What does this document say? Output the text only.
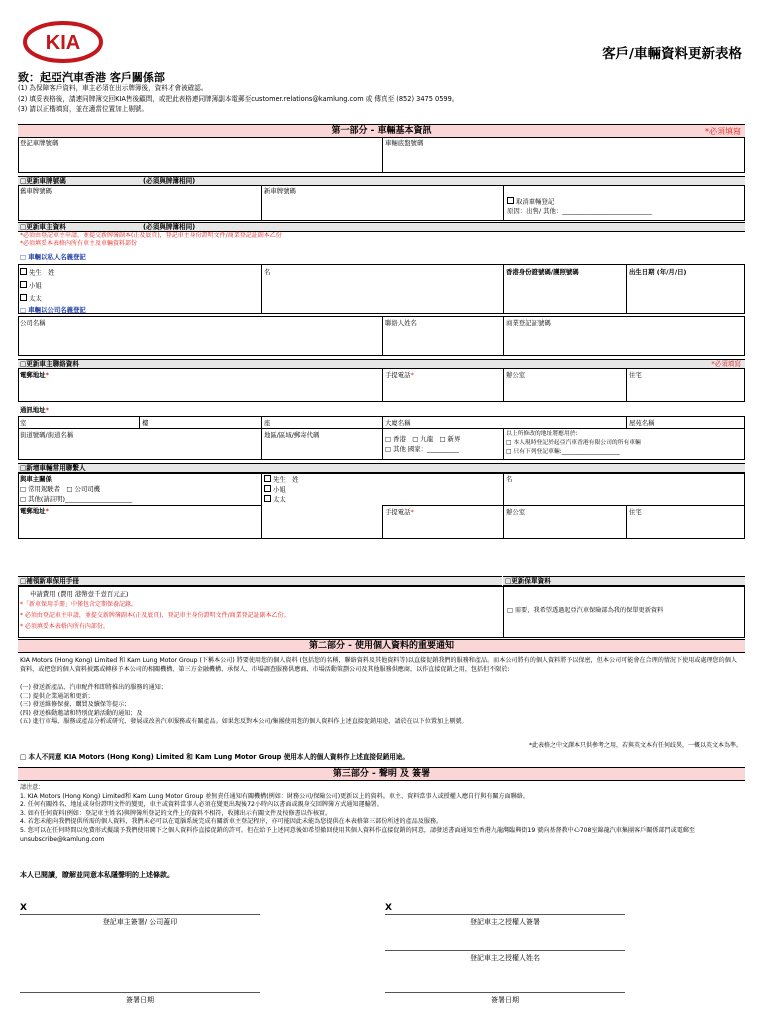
KIA	客戶/車輛資料更新表格
致：起亞汽車香港 客戶關係部
(1) 為保障客戶資料，車主必須在出示牌簿後，資料才會被確認。
(2) 填妥表格後，請連同牌簿交回KIA售後顧問，或把此表格連同牌簿副本電郵至customer.relations@kamlung.com 或 傳真至 (852) 3475 0599。
(3) 請以正楷填寫，並在適當位置加上剔號。
第一部分 - 車輛基本資訊	*必須填寫
登記車牌號碼	車輛底盤號碼
□更新車牌號碼	(必須與牌簿相同)
舊車牌號碼	新車牌號碼
取消車輛登記
原因：出售/ 其他：____________________________
□更新車主資料	(必須與牌簿相同)
*必須由登記車主申請，並提交新牌簿副本(正及底頁)，登記車主身份證明文件/商業登記証副本乙份
*必須填妥本表格內所有車主及車輛資料部份
□ 車輛以私人名義登記
先生　姓
小姐
太太
名	香港身份證號碼/護照號碼	出生日期 (年/月/日)
□ 車輛以公司名義登記
公司名稱	聯絡人姓名	商業登記証號碼
□更新車主聯絡資料	*必須填寫
電郵地址*	手提電話*	辦公室	住宅
通訊地址*
室	樓	座	大廈名稱	屋苑名稱
街道號碼/街道名稱	地區/區域/郵寄代碼	□ 香港　□ 九龍　□ 新界
□ 其他 國家：__________
以上所修改的地址將應用於:
□ 本人現時登記於起亞汽車香港有限公司的所有車輛
□ 只有下列登記車輛:____________________
□新增車輛常用聯繫人
與車主關係
□ 常用駕駛者　□ 公司司機
□ 其他(請註明)_____________________
先生　姓
小姐
太太
名
電郵地址*	手提電話*	辦公室	住宅
□補領新車保用手冊	□更新保單資料
申請費用 (費用 港幣壹千壹百元正)
*「新車保用手冊」中僅包含定期保養記錄。
* 必須由登記車主申請，並提交新牌簿副本(正及底頁)，登記車主身份證明文件/商業登記証副本乙份。
* 必須填妥本表格內所有內部份。
□ 需要，我希望透過起亞汽車保險部為我的保單更新資料
第二部分 - 使用個人資料的重要通知
KIA Motors (Hong Kong) Limited 和 Kam Lung Motor Group (下稱本公司) 將要使用您的個人資料 (包括您的名稱，聯絡資料及其他資料等)以直接促銷我們的服務和產品。而本公司將有的個人資料將予以保密，但本公司可能會在合理的情況下使用或處理您的個人資料，或把您的個人資料披露或轉移予本公司的相關機構、第三方金融機構、承保人、市場調查服務供應商、市場活動策劃公司及其他服務供應商，以作直接促銷之用，包括但不限於:
(一) 發送新產品、汽車配件和即將推出的服務的通知；
(二) 提供企業通訊和更新；
(三) 發送維修保養、購買及續保等提示；
(四) 發送推動邀請和特別促銷活動的通知；及
(五) 進行市場、服務或產品分析或研究、發展或改善汽車服務或有關產品。如果您反對本公司/集團使用您的個人資料作上述直接促銷用途，請於在以下位置加上剔號。
*此表格之中文譯本只供參考之用，若與英文本有任何歧異，一概以英文本為準。
□ 本人不同意 KIA Motors (Hong Kong) Limited 和 Kam Lung Motor Group 使用本人的個人資料作上述直接促銷用途。
第三部分 - 聲明 及 簽署
請注意：
1. KIA Motors (Hong Kong) Limited和 Kam Lung Motor Group 並無責任通知有關機構(例如：財務公司/保險公司)更新以上的資料。車主、資料當事人或授權人應自行與有關方面聯絡。
2. 任何有關姓名、地址或身份證明文件的變更，車主或資料當事人必須在變更出現後72小時內以書面或親身交回牌簿方式通知運輸署。
3. 如有任何資料(例如：登記車主姓名)與牌簿所登記的文件上的資料不相符，收據出示有關文件及按修書以作核實。
4. 若您未能向我們提供所需的個人資料，我們未必可以在電腦系統完成有關新車主登記程序，亦可能因此未能為您提供在本表格第三部份所述的產品及服務。
5. 您可以在任何時間以免費形式擬議予我們使用閣下之個人資料作直接促銷的許可。但在給予上述同意後如希望撤回使用其個人資料作直接促銷的同意，請發送書面通知至香港九龍灣臨興街19 號向基督教中心708室錦龍汽車集團客戶關係部門或電郵至 unsubscribe@kamlung.com
本人已閱讀，瞭解並同意本私隱聲明的上述條款。
X
登記車主簽署/ 公司蓋印
X
登記車主之授權人簽署
登記車主之授權人姓名
簽署日期	簽署日期
